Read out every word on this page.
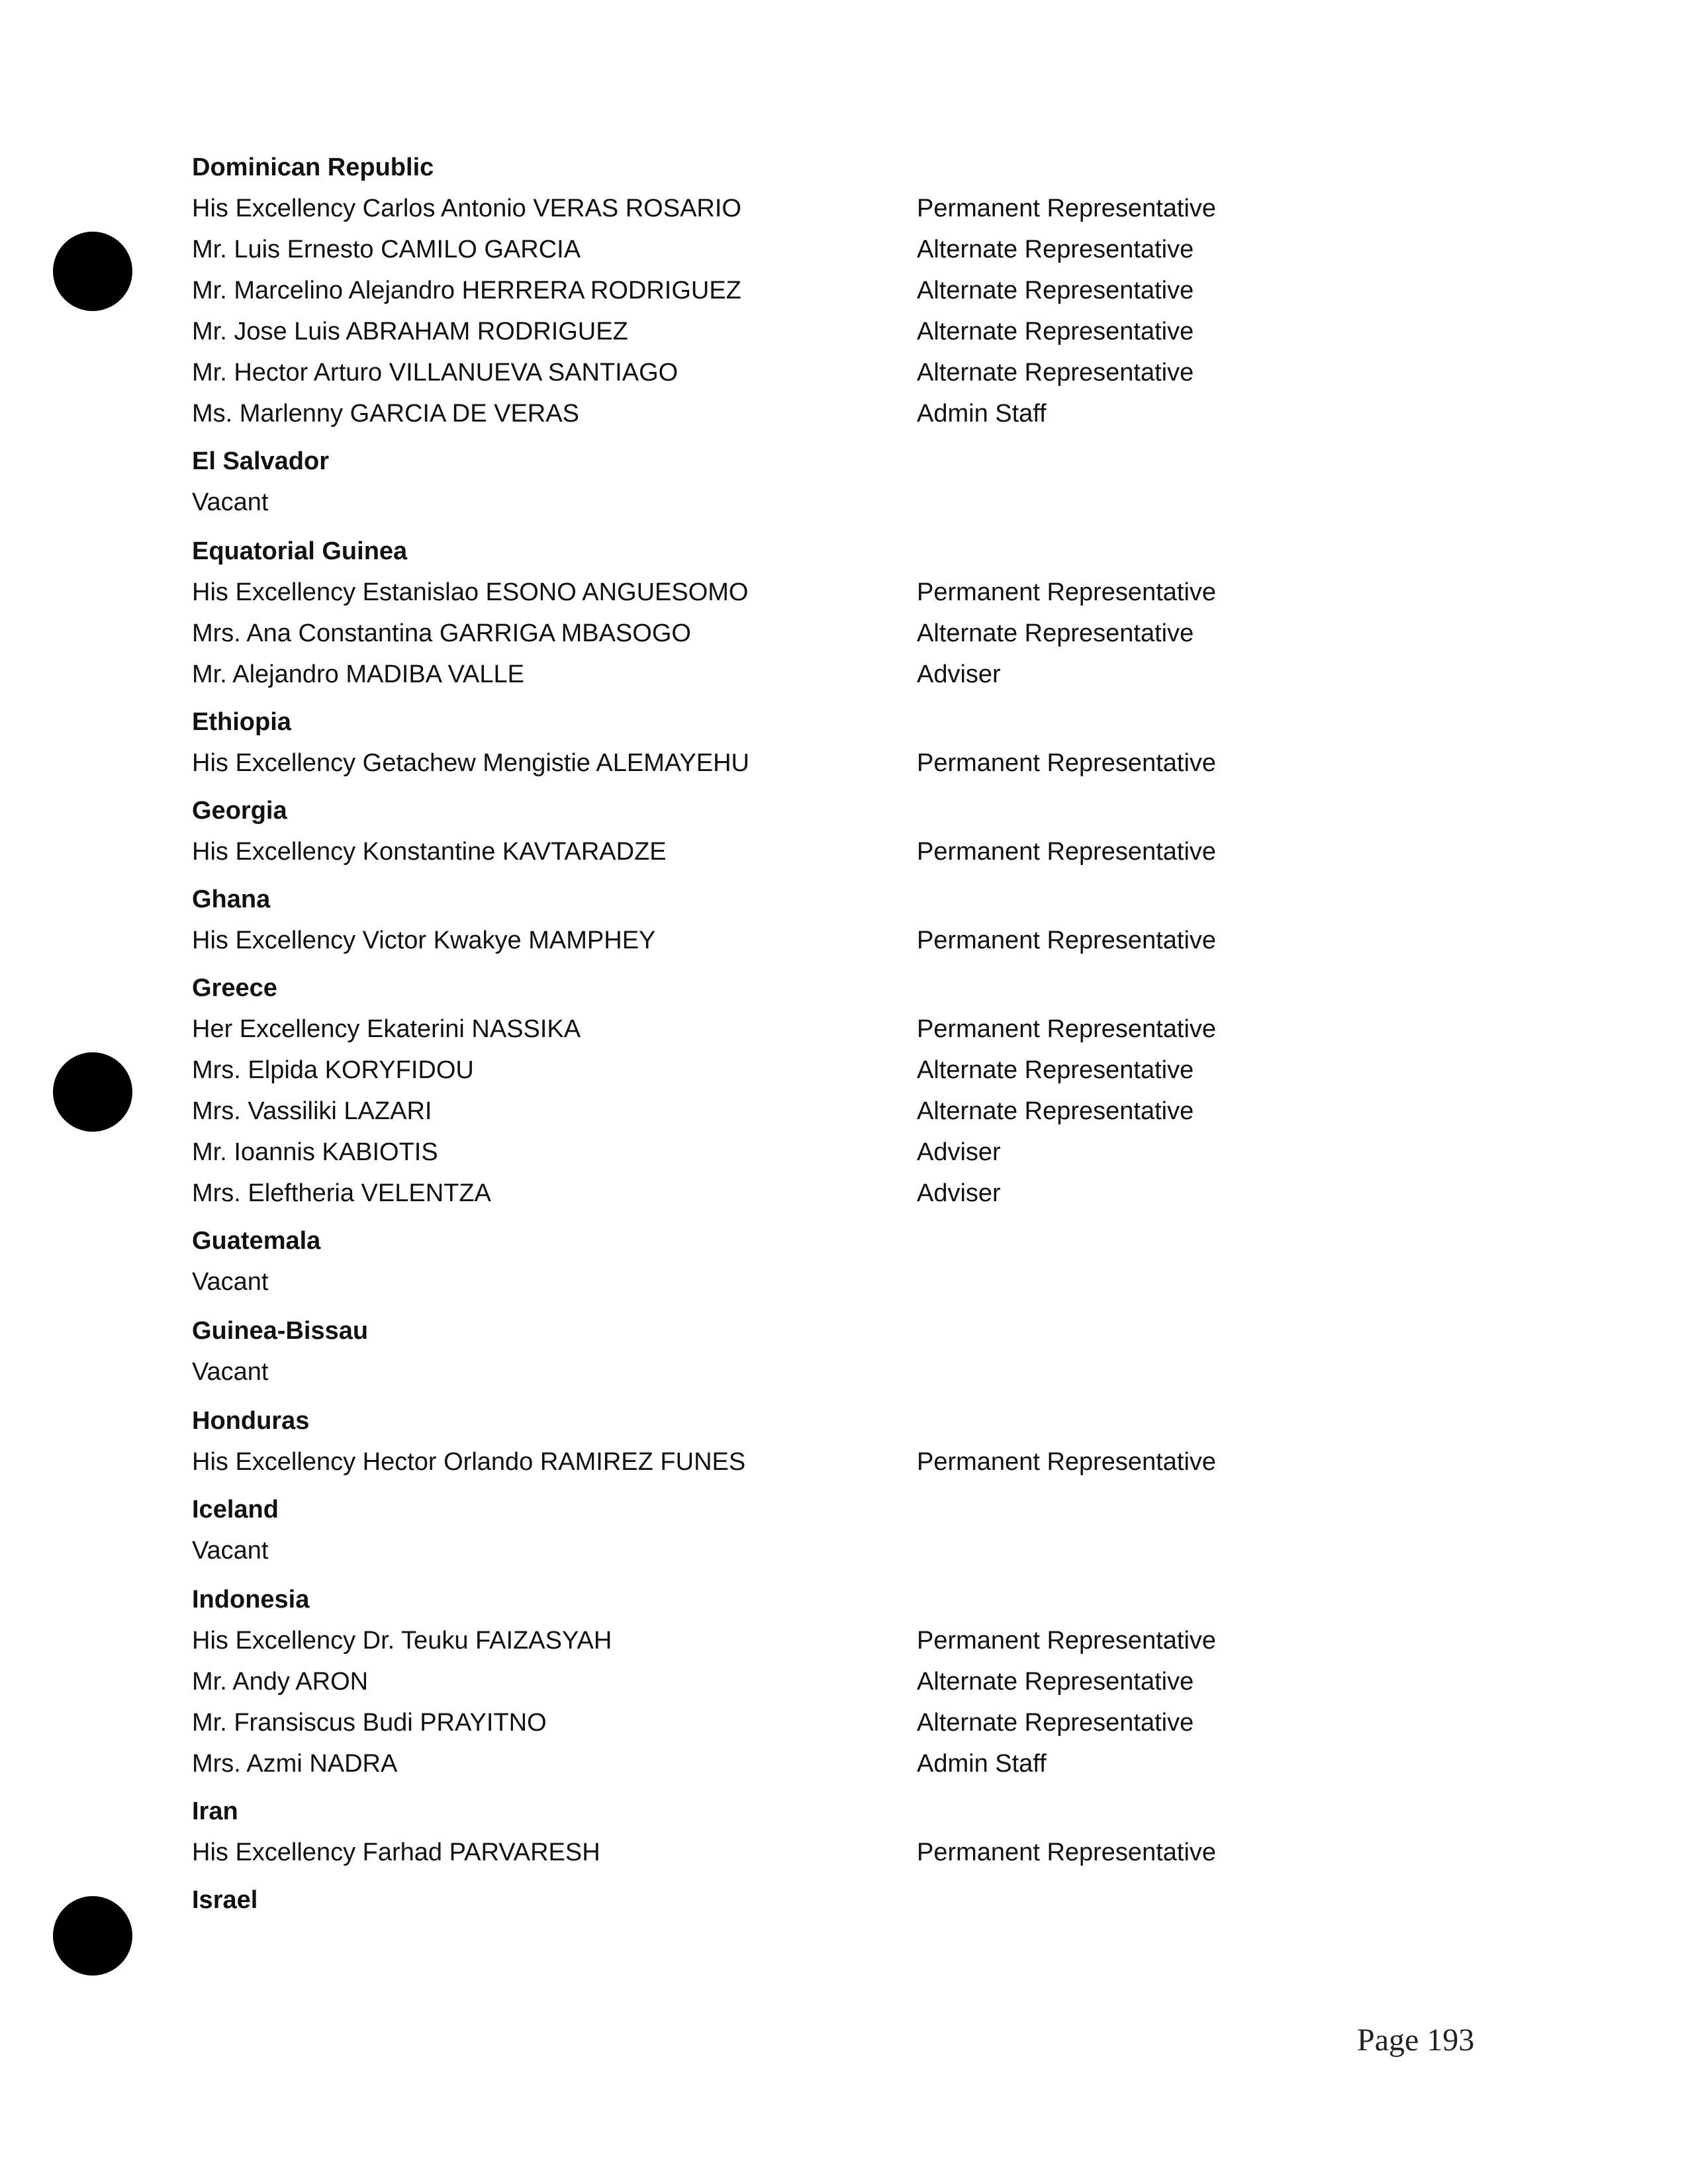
Dominican Republic
His Excellency Carlos Antonio VERAS ROSARIO	Permanent Representative
Mr. Luis Ernesto CAMILO GARCIA	Alternate Representative
Mr. Marcelino Alejandro HERRERA RODRIGUEZ	Alternate Representative
Mr. Jose Luis ABRAHAM RODRIGUEZ	Alternate Representative
Mr. Hector Arturo VILLANUEVA SANTIAGO	Alternate Representative
Ms. Marlenny GARCIA DE VERAS	Admin Staff
El Salvador
Vacant
Equatorial Guinea
His Excellency Estanislao ESONO ANGUESOMO	Permanent Representative
Mrs. Ana Constantina GARRIGA MBASOGO	Alternate Representative
Mr. Alejandro MADIBA VALLE	Adviser
Ethiopia
His Excellency Getachew Mengistie ALEMAYEHU	Permanent Representative
Georgia
His Excellency Konstantine KAVTARADZE	Permanent Representative
Ghana
His Excellency Victor Kwakye MAMPHEY	Permanent Representative
Greece
Her Excellency Ekaterini NASSIKA	Permanent Representative
Mrs. Elpida KORYFIDOU	Alternate Representative
Mrs. Vassiliki LAZARI	Alternate Representative
Mr. Ioannis KABIOTIS	Adviser
Mrs. Eleftheria VELENTZA	Adviser
Guatemala
Vacant
Guinea-Bissau
Vacant
Honduras
His Excellency Hector Orlando RAMIREZ FUNES	Permanent Representative
Iceland
Vacant
Indonesia
His Excellency Dr. Teuku FAIZASYAH	Permanent Representative
Mr. Andy ARON	Alternate Representative
Mr. Fransiscus Budi PRAYITNO	Alternate Representative
Mrs. Azmi NADRA	Admin Staff
Iran
His Excellency Farhad PARVARESH	Permanent Representative
Israel
Page 193
